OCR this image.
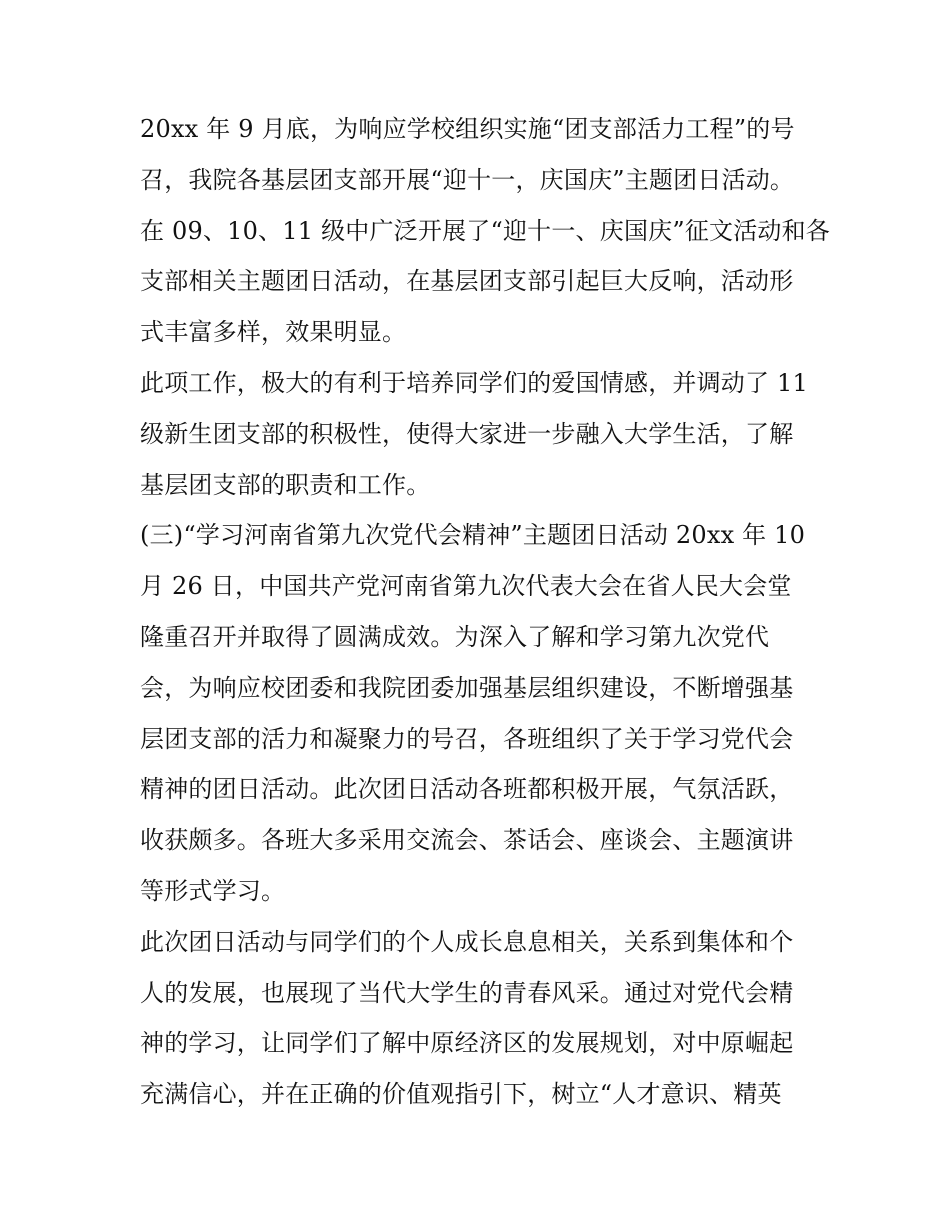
20xx 年 9 月底，为响应学校组织实施“团支部活力工程”的号
召，我院各基层团支部开展“迎十一，庆国庆”主题团日活动。
在 09、10、11 级中广泛开展了“迎十一、庆国庆”征文活动和各
支部相关主题团日活动，在基层团支部引起巨大反响，活动形
式丰富多样，效果明显。
此项工作，极大的有利于培养同学们的爱国情感，并调动了 11
级新生团支部的积极性，使得大家进一步融入大学生活，了解
基层团支部的职责和工作。
(三)“学习河南省第九次党代会精神”主题团日活动 20xx 年 10
月 26 日，中国共产党河南省第九次代表大会在省人民大会堂
隆重召开并取得了圆满成效。为深入了解和学习第九次党代
会，为响应校团委和我院团委加强基层组织建设，不断增强基
层团支部的活力和凝聚力的号召，各班组织了关于学习党代会
精神的团日活动。此次团日活动各班都积极开展，气氛活跃，
收获颇多。各班大多采用交流会、茶话会、座谈会、主题演讲
等形式学习。
此次团日活动与同学们的个人成长息息相关，关系到集体和个
人的发展，也展现了当代大学生的青春风采。通过对党代会精
神的学习，让同学们了解中原经济区的发展规划，对中原崛起
充满信心，并在正确的价值观指引下，树立“人才意识、精英
